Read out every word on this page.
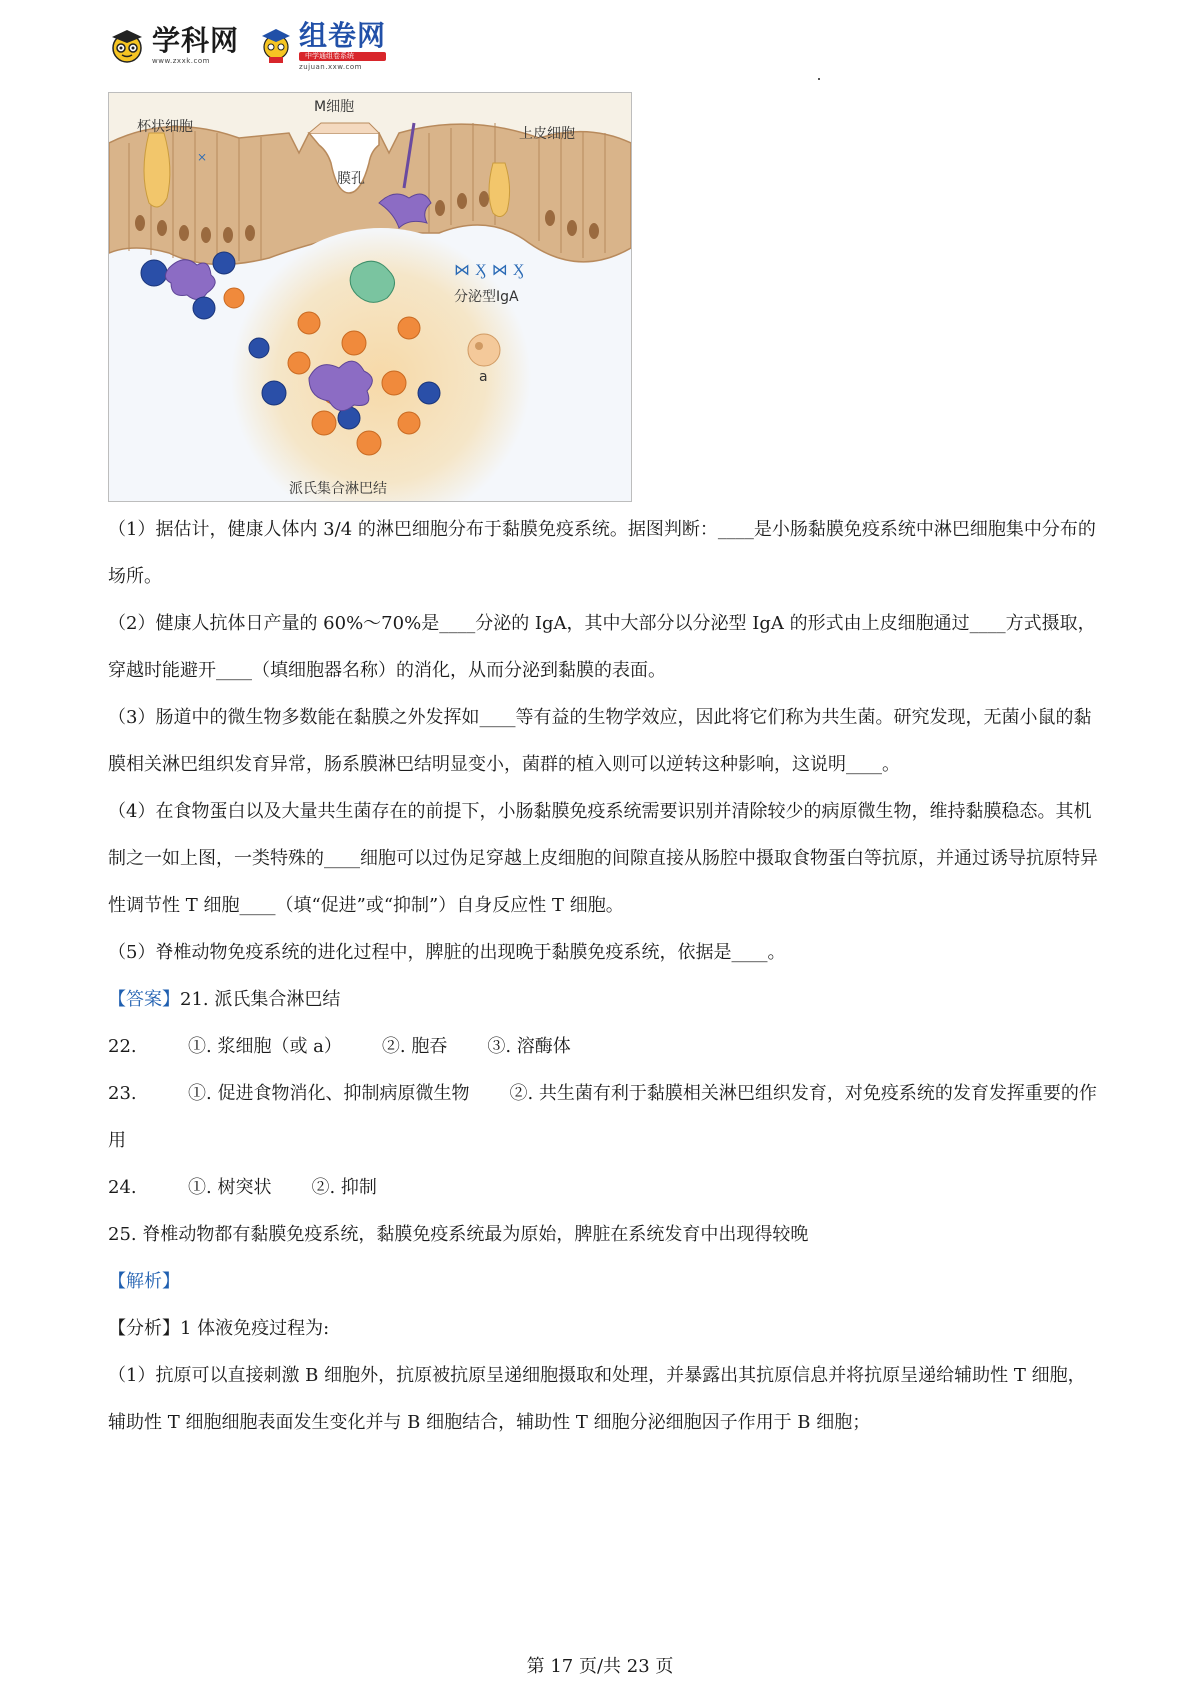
学科网
www.zxxk.com
组卷网
中学通组卷系统
zujuan.xxw.com
⨯
M细胞
杯状细胞	上皮细胞
膜孔
⋈ Ӽ ⋈ Ӽ
分泌型IgA
a
派氏集合淋巴结

（1）据估计，健康人体内 3/4 的淋巴细胞分布于黏膜免疫系统。据图判断：____是小肠黏膜免疫系统中淋巴细胞集中分布的场所。

（2）健康人抗体日产量的 60%～70%是____分泌的 IgA，其中大部分以分泌型 IgA 的形式由上皮细胞通过____方式摄取，穿越时能避开____（填细胞器名称）的消化，从而分泌到黏膜的表面。

（3）肠道中的微生物多数能在黏膜之外发挥如____等有益的生物学效应，因此将它们称为共生菌。研究发现，无菌小鼠的黏膜相关淋巴组织发育异常，肠系膜淋巴结明显变小，菌群的植入则可以逆转这种影响，这说明____。

（4）在食物蛋白以及大量共生菌存在的前提下，小肠黏膜免疫系统需要识别并清除较少的病原微生物，维持黏膜稳态。其机制之一如上图，一类特殊的____细胞可以过伪足穿越上皮细胞的间隙直接从肠腔中摄取食物蛋白等抗原，并通过诱导抗原特异性调节性 T 细胞____（填“促进”或“抑制”）自身反应性 T 细胞。

（5）脊椎动物免疫系统的进化过程中，脾脏的出现晚于黏膜免疫系统，依据是____。

【答案】21. 派氏集合淋巴结

22.	①. 浆细胞（或 a） ②. 胞吞 ③. 溶酶体

23.	①. 促进食物消化、抑制病原微生物 ②. 共生菌有利于黏膜相关淋巴组织发育，对免疫系统的发育发挥重要的作用

24.	①. 树突状 ②. 抑制

25. 脊椎动物都有黏膜免疫系统，黏膜免疫系统最为原始，脾脏在系统发育中出现得较晚

【解析】

【分析】1 体液免疫过程为:

（1）抗原可以直接刺激 B 细胞外，抗原被抗原呈递细胞摄取和处理，并暴露出其抗原信息并将抗原呈递给辅助性 T 细胞，辅助性 T 细胞细胞表面发生变化并与 B 细胞结合，辅助性 T 细胞分泌细胞因子作用于 B 细胞；

第 17 页/共 23 页
